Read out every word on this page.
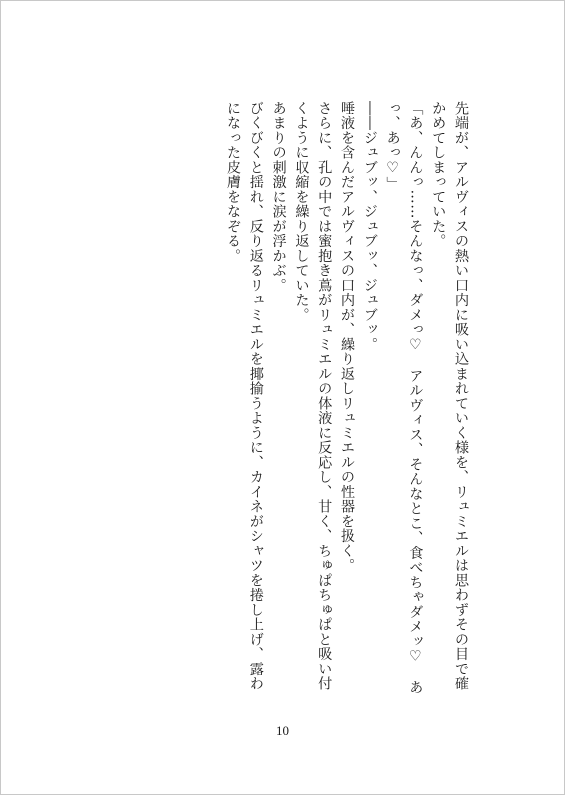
先端が、アルヴィスの熱い口内に吸い込まれていく様を、リュミエルは思わずその目で確
かめてしまっていた。
「あ、んんっ……そんなっ、ダメっ♡　アルヴィス、そんなとこ、食べちゃダメッ♡　あ
っ、あっ♡」
――ジュブッ、ジュブッ、ジュブッ。
唾液を含んだアルヴィスの口内が、繰り返しリュミエルの性器を扱く。
さらに、孔の中では蜜抱き蔦がリュミエルの体液に反応し、甘く、ちゅぱちゅぱと吸い付
くように収縮を繰り返していた。
あまりの刺激に涙が浮かぶ。
びくびくと揺れ、反り返るリュミエルを揶揄うように、カイネがシャツを捲し上げ、露わ
になった皮膚をなぞる。
10
